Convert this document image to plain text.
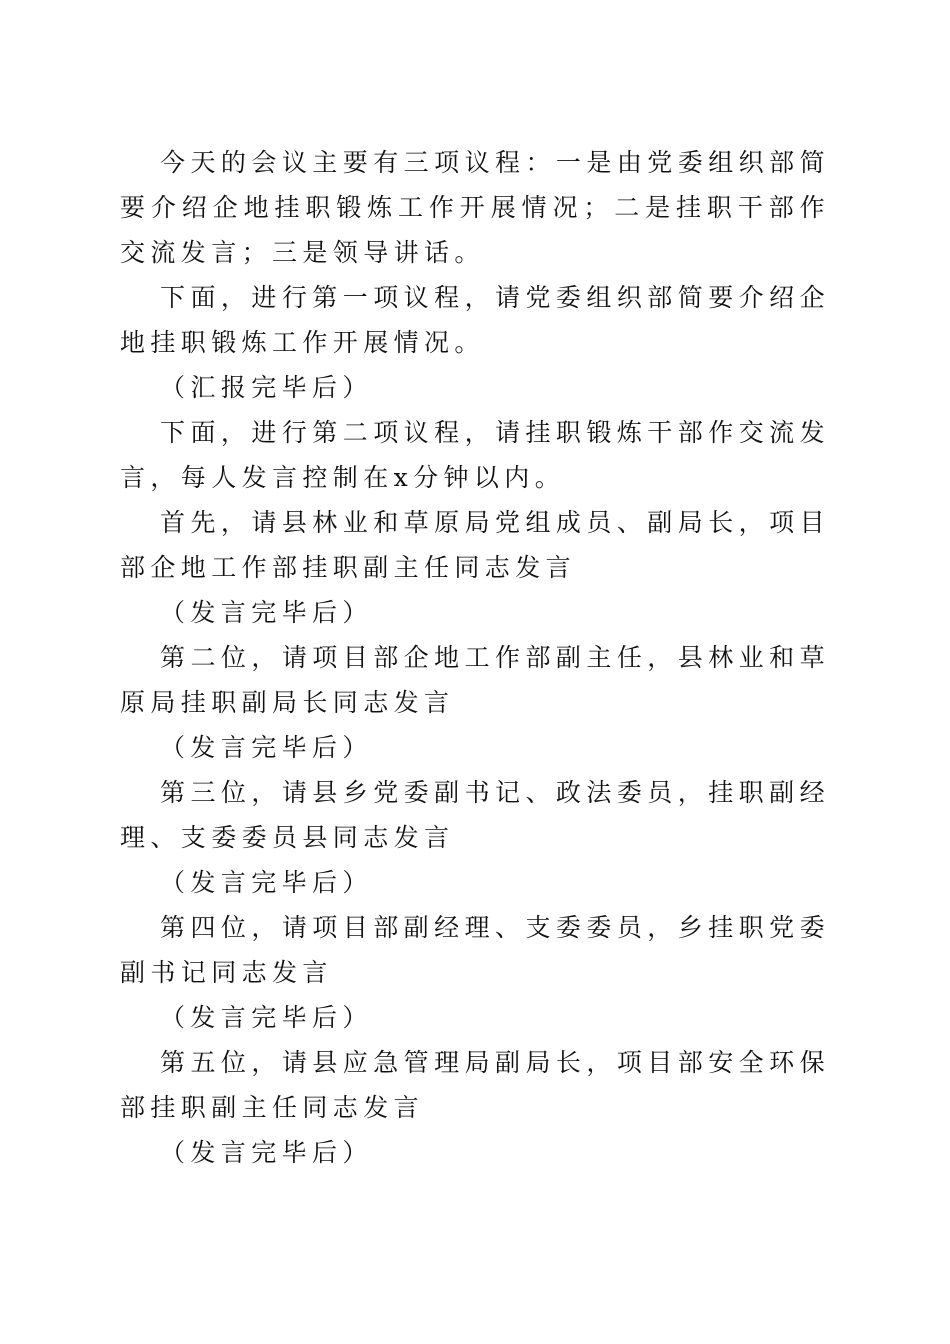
今天的会议主要有三项议程：一是由党委组织部简要介绍企地挂职锻炼工作开展情况；二是挂职干部作交流发言；三是领导讲话。

下面，进行第一项议程，请党委组织部简要介绍企地挂职锻炼工作开展情况。

（汇报完毕后）

下面，进行第二项议程，请挂职锻炼干部作交流发言，每人发言控制在x分钟以内。

首先，请县林业和草原局党组成员、副局长，项目部企地工作部挂职副主任同志发言

（发言完毕后）

第二位，请项目部企地工作部副主任，县林业和草原局挂职副局长同志发言

（发言完毕后）

第三位，请县乡党委副书记、政法委员，挂职副经理、支委委员县同志发言

（发言完毕后）

第四位，请项目部副经理、支委委员，乡挂职党委副书记同志发言

（发言完毕后）

第五位，请县应急管理局副局长，项目部安全环保部挂职副主任同志发言

（发言完毕后）
